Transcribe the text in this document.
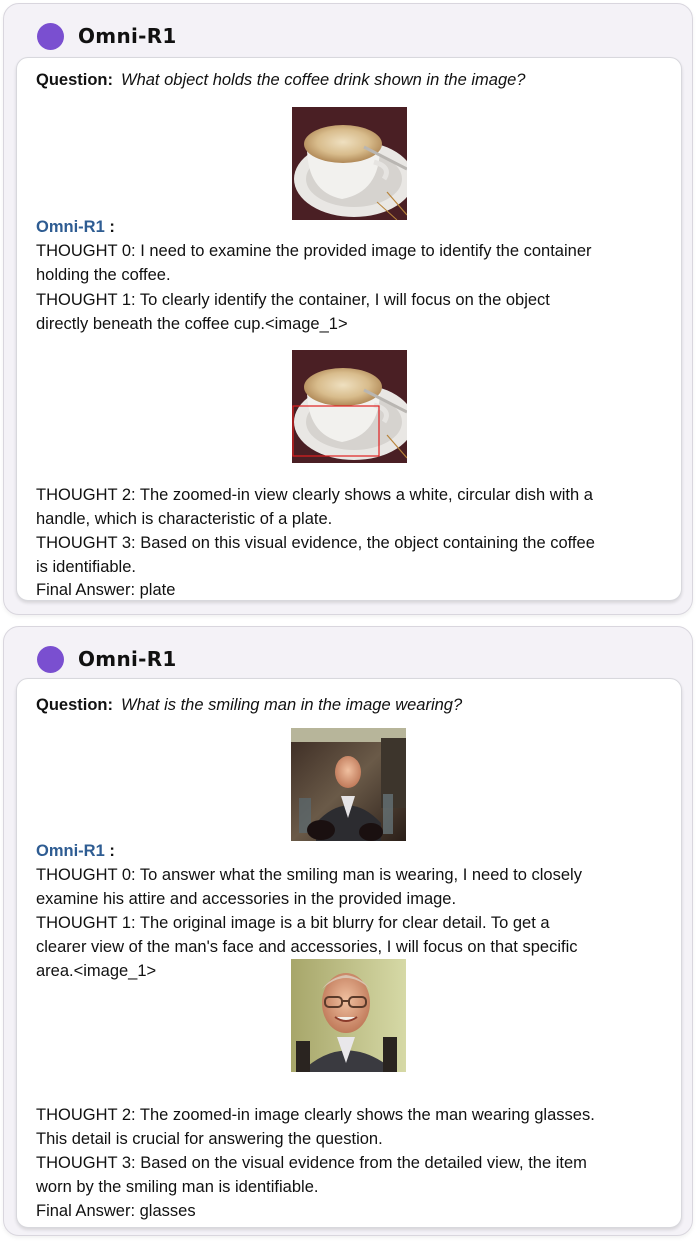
Omni-R1
Question: What object holds the coffee drink shown in the image?
Omni-R1 :
THOUGHT 0: I need to examine the provided image to identify the container
holding the coffee.
THOUGHT 1: To clearly identify the container, I will focus on the object
directly beneath the coffee cup.<image_1>
THOUGHT 2: The zoomed-in view clearly shows a white, circular dish with a
handle, which is characteristic of a plate.
THOUGHT 3: Based on this visual evidence, the object containing the coffee
is identifiable.
Final Answer: plate
Omni-R1
Question: What is the smiling man in the image wearing?
Omni-R1 :
THOUGHT 0: To answer what the smiling man is wearing, I need to closely
examine his attire and accessories in the provided image.
THOUGHT 1: The original image is a bit blurry for clear detail. To get a
clearer view of the man's face and accessories, I will focus on that specific
area.<image_1>
THOUGHT 2: The zoomed-in image clearly shows the man wearing glasses.
This detail is crucial for answering the question.
THOUGHT 3: Based on the visual evidence from the detailed view, the item
worn by the smiling man is identifiable.
Final Answer: glasses
